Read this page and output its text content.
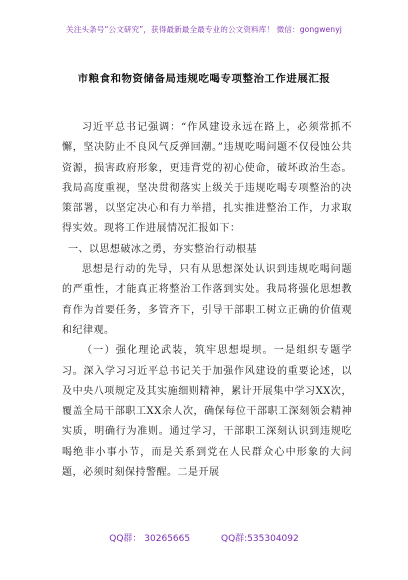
关注头条号“公文研究”，获得最新最全最专业的公文资料库！ 微信：gongwenyj
市粮食和物资储备局违规吃喝专项整治工作进展汇报

习近平总书记强调：“作风建设永远在路上，必须常抓不懈，坚决防止不良风气反弹回潮。”违规吃喝问题不仅侵蚀公共资源，损害政府形象，更违背党的初心使命，破坏政治生态。我局高度重视，坚决贯彻落实上级关于违规吃喝专项整治的决策部署，以坚定决心和有力举措，扎实推进整治工作，力求取得实效。现将工作进展情况汇报如下：

一、以思想破冰之勇，夯实整治行动根基

思想是行动的先导，只有从思想深处认识到违规吃喝问题的严重性，才能真正将整治工作落到实处。我局将强化思想教育作为首要任务，多管齐下，引导干部职工树立正确的价值观和纪律观。

（一）强化理论武装，筑牢思想堤坝。一是组织专题学习。深入学习习近平总书记关于加强作风建设的重要论述，以及中央八项规定及其实施细则精神，累计开展集中学习XX次，覆盖全局干部职工XX余人次，确保每位干部职工深刻领会精神实质，明确行为准则。通过学习，干部职工深刻认识到违规吃喝绝非小事小节，而是关系到党在人民群众心中形象的大问题，必须时刻保持警醒。二是开展

QQ群： 30265665	QQ群:535304092
